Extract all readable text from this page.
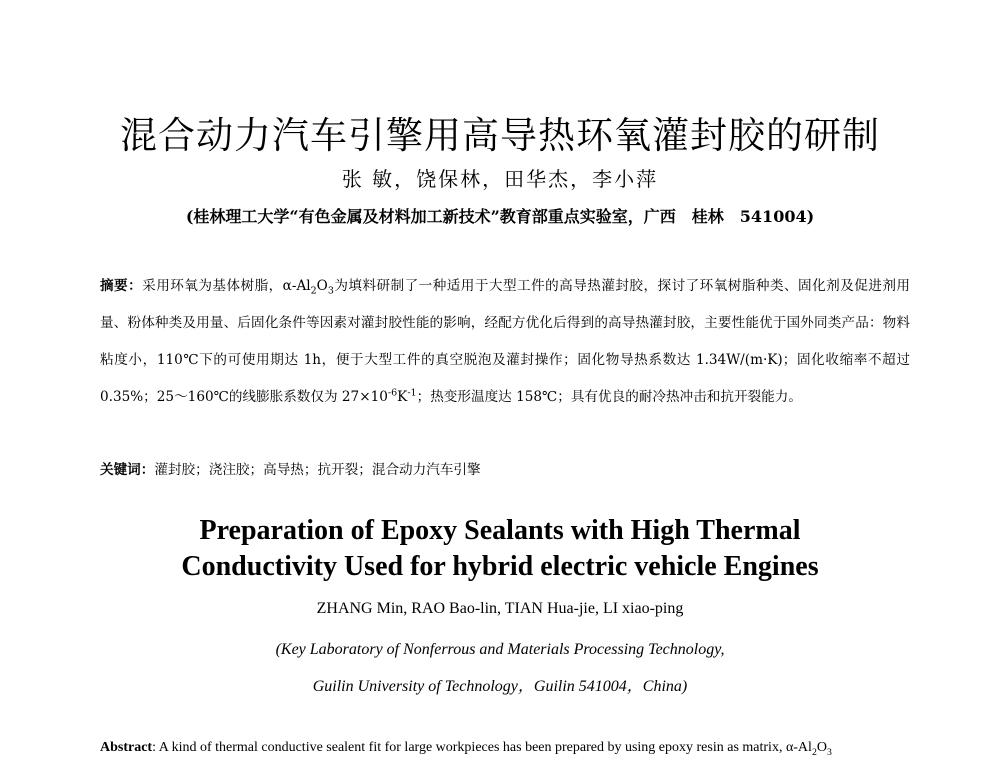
混合动力汽车引擎用高导热环氧灌封胶的研制
张 敏，饶保林，田华杰，李小萍
(桂林理工大学“有色金属及材料加工新技术”教育部重点实验室，广西　桂林　541004)

摘要：采用环氧为基体树脂，$\alpha-Al_2O_3$为填料研制了一种适用于大型工件的高导热灌封胶，探讨了环氧树脂种类、固化剂及促进剂用量、粉体种类及用量、后固化条件等因素对灌封胶性能的影响，经配方优化后得到的高导热灌封胶，主要性能优于国外同类产品：物料粘度小，110℃下的可使用期达 1h，便于大型工件的真空脱泡及灌封操作；固化物导热系数达 1.34W/(m·K)；固化收缩率不超过 0.35%；25～160℃的线膨胀系数仅为 $27\times 10^{-6}K^{-1}$；热变形温度达 158℃；具有优良的耐冷热冲击和抗开裂能力。

关键词：灌封胶；浇注胶；高导热；抗开裂；混合动力汽车引擎

Preparation of Epoxy Sealants with High Thermal
Conductivity Used for hybrid electric vehicle Engines
ZHANG Min, RAO Bao-lin, TIAN Hua-jie, LI xiao-ping
(Key Laboratory of Nonferrous and Materials Processing Technology,
Guilin University of Technology，Guilin 541004，China)

Abstract: A kind of thermal conductive sealent fit for large workpieces has been prepared by using epoxy resin as matrix, $\alpha-Al_2O_3$
